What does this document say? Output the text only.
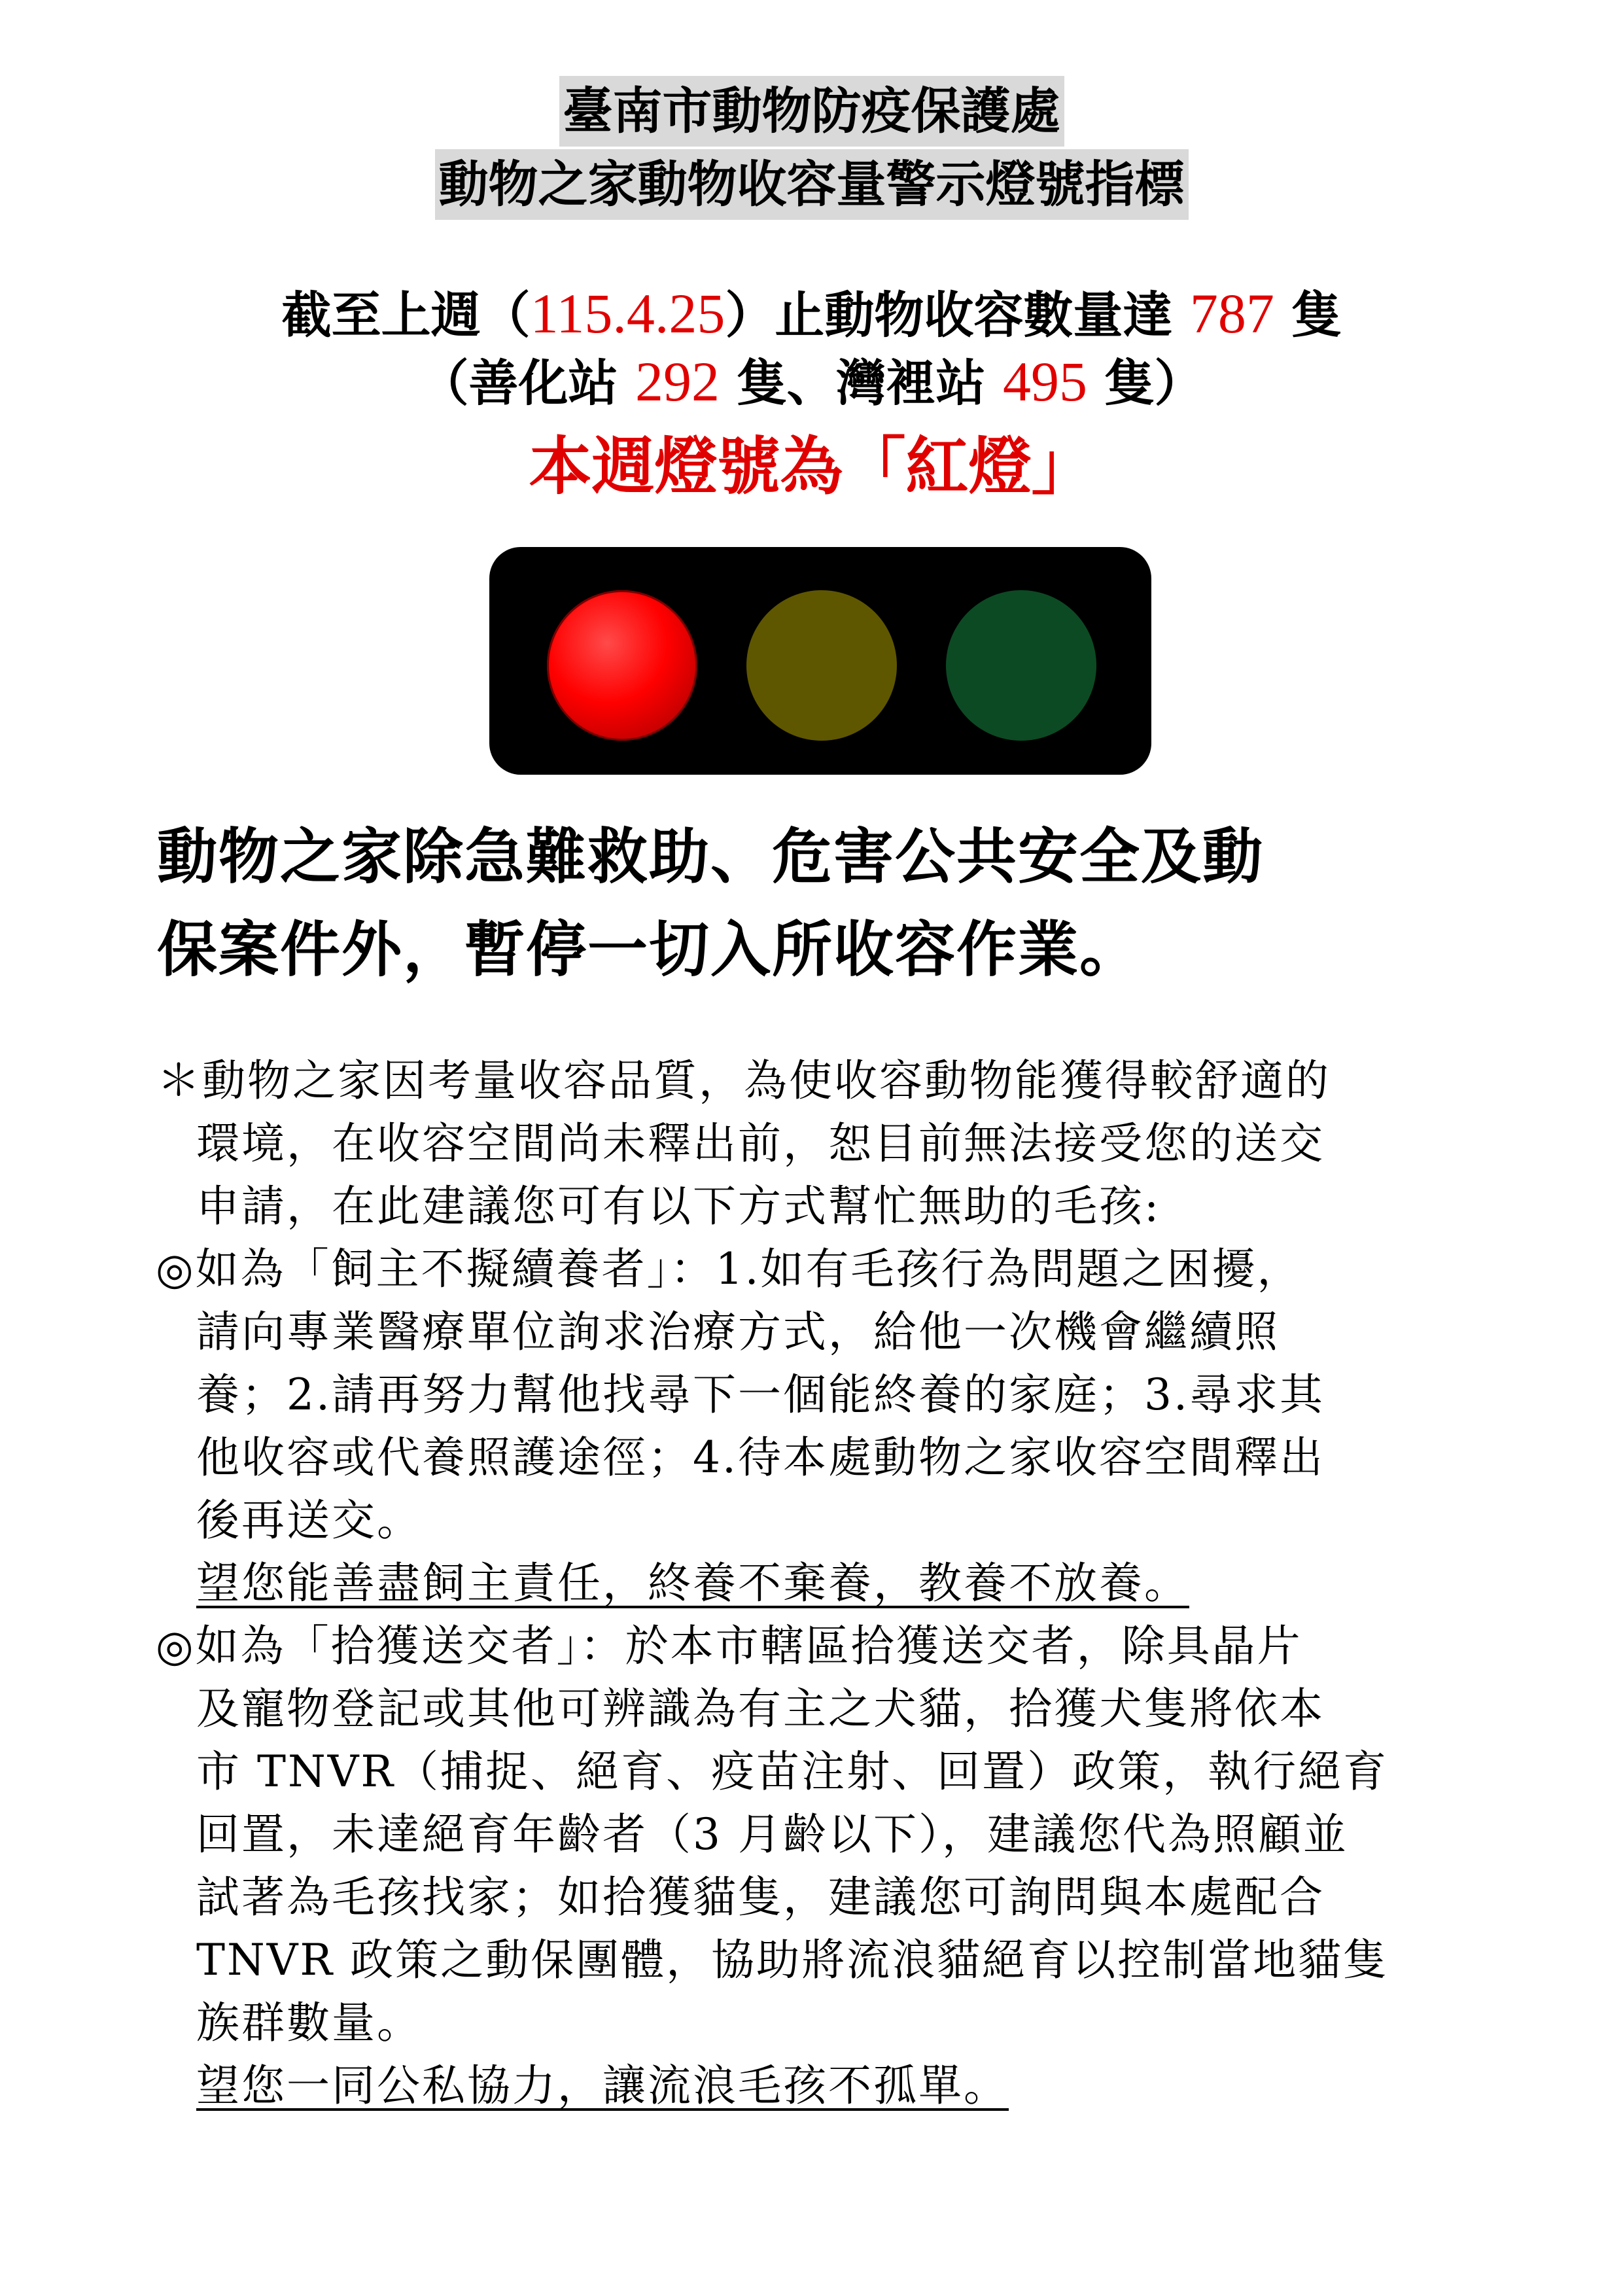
臺南市動物防疫保護處
動物之家動物收容量警示燈號指標
截至上週（115.4.25）止動物收容數量達 787 隻
（善化站 292 隻、灣裡站 495 隻）
本週燈號為「紅燈」
動物之家除急難救助、危害公共安全及動
保案件外，暫停一切入所收容作業。
＊動物之家因考量收容品質，為使收容動物能獲得較舒適的
環境，在收容空間尚未釋出前，恕目前無法接受您的送交
申請，在此建議您可有以下方式幫忙無助的毛孩:
◎如為「飼主不擬續養者」：1.如有毛孩行為問題之困擾，
請向專業醫療單位詢求治療方式，給他一次機會繼續照
養；2.請再努力幫他找尋下一個能終養的家庭；3.尋求其
他收容或代養照護途徑；4.待本處動物之家收容空間釋出
後再送交。
望您能善盡飼主責任，終養不棄養，教養不放養。
◎如為「拾獲送交者」：於本市轄區拾獲送交者，除具晶片
及寵物登記或其他可辨識為有主之犬貓，拾獲犬隻將依本
市 TNVR（捕捉、絕育、疫苗注射、回置）政策，執行絕育
回置，未達絕育年齡者（3 月齡以下），建議您代為照顧並
試著為毛孩找家；如拾獲貓隻，建議您可詢問與本處配合
TNVR 政策之動保團體，協助將流浪貓絕育以控制當地貓隻
族群數量。
望您一同公私協力，讓流浪毛孩不孤單。
